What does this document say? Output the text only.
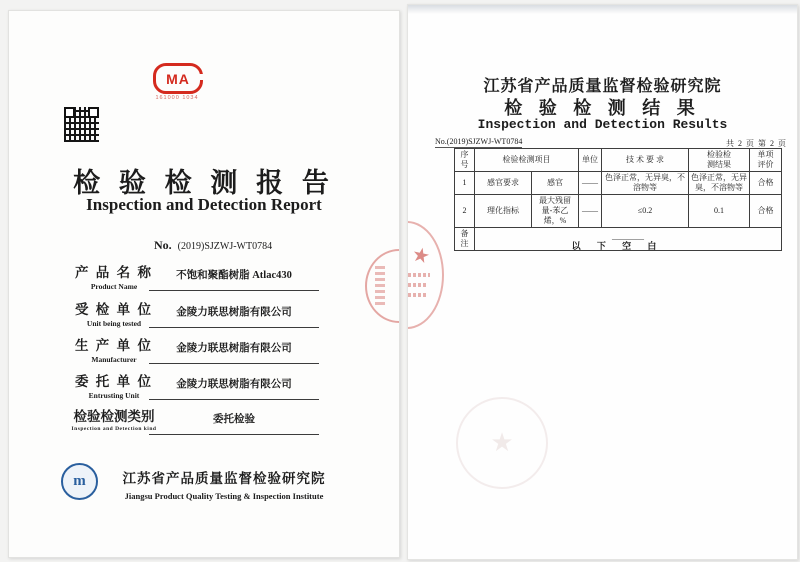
MA
161000 1034
检 验 检 测 报 告
Inspection and Detection Report
No. (2019)SJZWJ-WT0784
产 品 名 称
Product Name
不饱和聚酯树脂 Atlac430
受 检 单 位
Unit being tested
金陵力联思树脂有限公司
生 产 单 位
Manufacturer
金陵力联思树脂有限公司
委 托 单 位
Entrusting Unit
金陵力联思树脂有限公司
检验检测类别
Inspection and Detection kind
委托检验
m	江苏省产品质量监督检验研究院
Jiangsu Product Quality Testing & Inspection Institute
江苏省产品质量监督检验研究院
检 验 检 测 结 果
Inspection and Detection Results
No.(2019)SJZWJ-WT0784	共 2 页 第 2 页
序号	检验检测项目		单位	技 术 要 求	检验检测结果	单项评价
1	感官要求	感官	——	色泽正常，无异臭，不溶物等	色泽正常，无异臭，不溶物等	合格
2	理化指标	最大残留量-苯乙烯，%	——	≤0.2	0.1	合格
备注	————					
以 下 空 白
★
★
